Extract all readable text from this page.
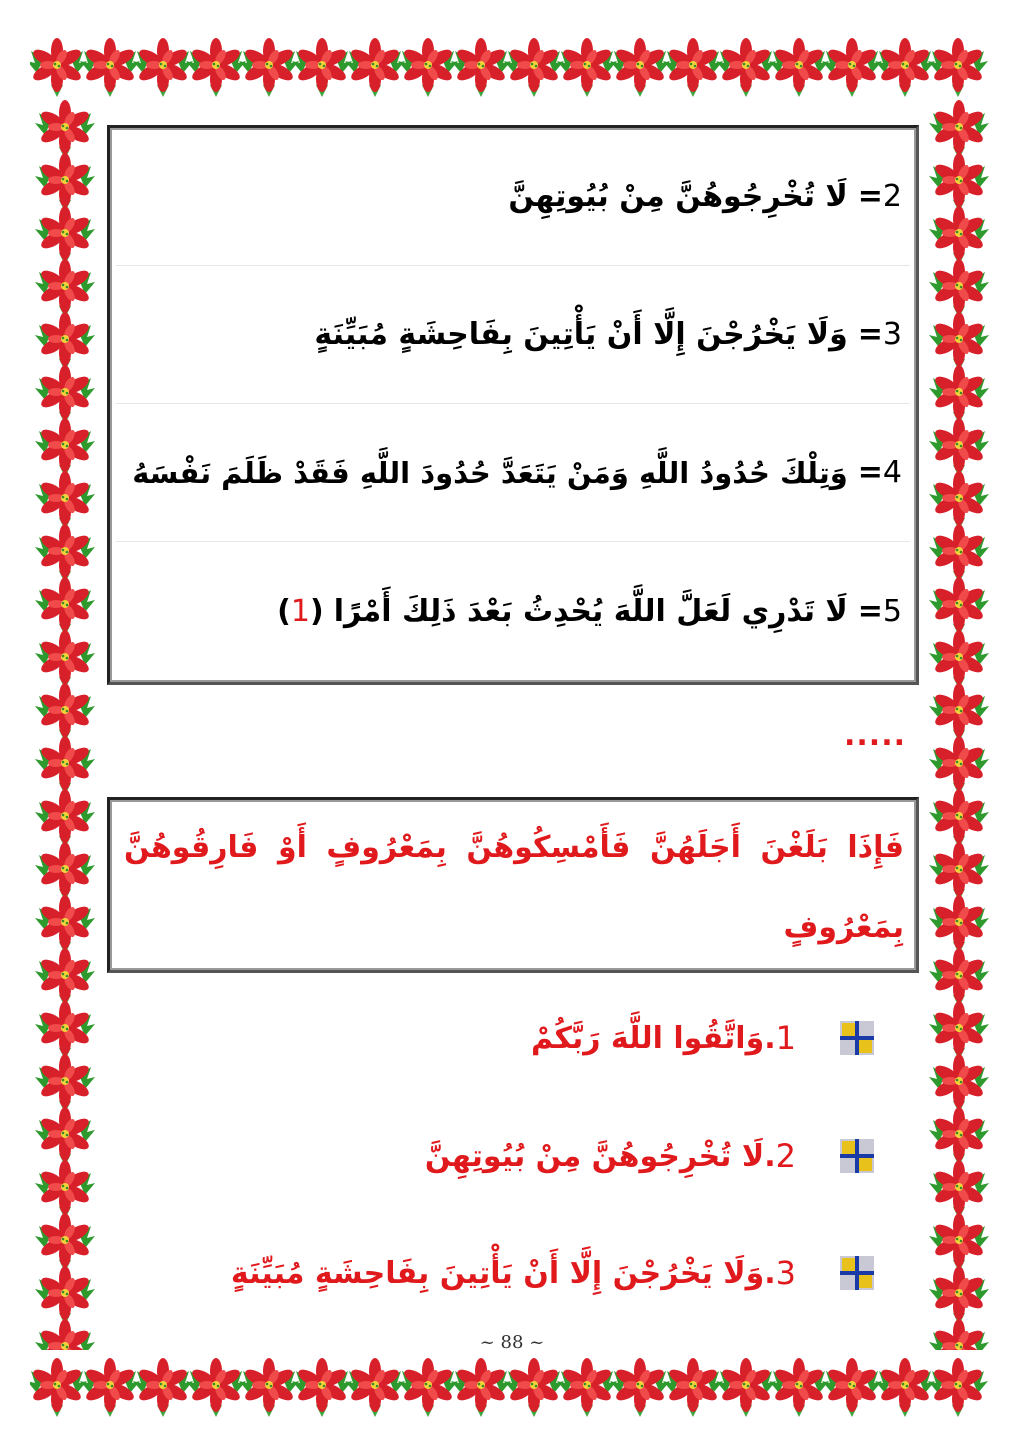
2
=
لَا تُخْرِجُوهُنَّ مِنْ بُيُوتِهِنَّ
3
=
وَلَا يَخْرُجْنَ إِلَّا أَنْ يَأْتِينَ بِفَاحِشَةٍ مُبَيِّنَةٍ
4
=
وَتِلْكَ حُدُودُ اللَّهِ وَمَنْ يَتَعَدَّ حُدُودَ اللَّهِ فَقَدْ ظَلَمَ نَفْسَهُ
5
=
لَا تَدْرِي لَعَلَّ اللَّهَ يُحْدِثُ بَعْدَ ذَلِكَ أَمْرًا
(1)
.....
فَإِذَا بَلَغْنَ أَجَلَهُنَّ فَأَمْسِكُوهُنَّ بِمَعْرُوفٍ أَوْ فَارِقُوهُنَّ
بِمَعْرُوفٍ
1
.وَاتَّقُوا اللَّهَ رَبَّكُمْ
2
.لَا تُخْرِجُوهُنَّ مِنْ بُيُوتِهِنَّ
3
.وَلَا يَخْرُجْنَ إِلَّا أَنْ يَأْتِينَ بِفَاحِشَةٍ مُبَيِّنَةٍ
~ 88 ~
